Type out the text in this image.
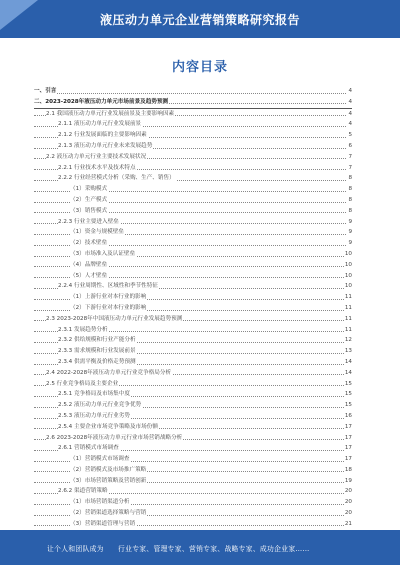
液压动力单元企业营销策略研究报告
内容目录
一、引言	4
二、2023-2028年液压动力单元市场前景及趋势预测	4
2.1 我国液压动力单元行业发展前景及主要影响因素	4
2.1.1 液压动力单元行业发展前景	4
2.1.2 行业发展面临的主要影响因素	5
2.1.3 液压动力单元行业未来发展趋势	6
2.2 液压动力单元行业主要技术发展状况	7
2.2.1 行业技术水平及技术特点	7
2.2.2 行业经营模式分析（采购、生产、销售）	8
（1）采购模式	8
（2）生产模式	8
（3）销售模式	8
2.2.3 行业主要进入壁垒	9
（1）资金与规模壁垒	9
（2）技术壁垒	9
（3）市场准入及认证壁垒	10
（4）品牌壁垒	10
（5）人才壁垒	10
2.2.4 行业周期性、区域性和季节性特征	10
（1）上游行业对本行业的影响	11
（2）下游行业对本行业的影响	11
2.3 2023-2028年中国液压动力单元行业发展趋势预测	11
2.3.1 发展趋势分析	11
2.3.2 供给规模和行业产能分析	12
2.3.3 需求规模和行业发展前景	13
2.3.4 供需平衡及价格走势预测	14
2.4 2022-2028年液压动力单元行业竞争格局分析	14
2.5 行业竞争格局及主要企业	15
2.5.1 竞争格局及市场集中度	15
2.5.2 液压动力单元行业竞争优势	15
2.5.3 液压动力单元行业劣势	16
2.5.4 主要企业市场竞争策略及市场份额	17
2.6 2023-2028年液压动力单元行业市场营销战略分析	17
2.6.1 营销模式市场调查	17
（1）营销模式市场调查	17
（2）营销模式及市场推广策略	18
（3）市场营销策略及营销创新	19
2.6.2 渠道营销策略	20
（1）市场营销渠道分析	20
（2）营销渠道选择策略与营销	20
（3）营销渠道管理与营销	21
让个人和团队成为 行业专家、管理专家、营销专家、战略专家、成功企业家……
